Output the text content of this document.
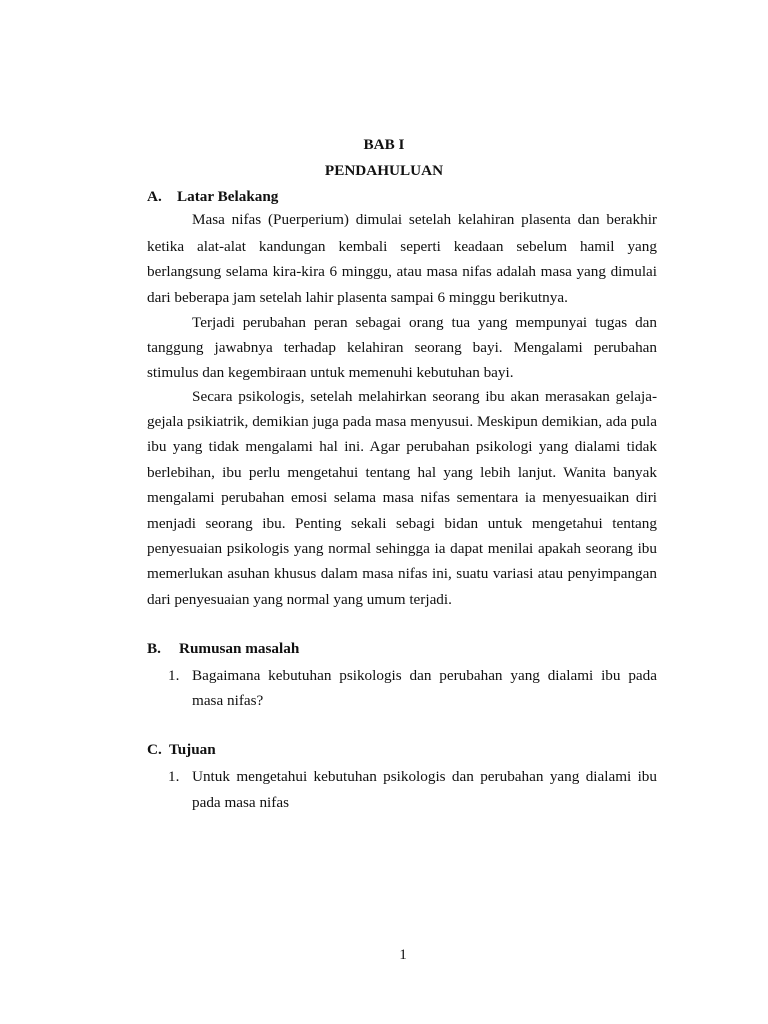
BAB I
PENDAHULUAN
A. Latar Belakang
Masa nifas (Puerperium) dimulai setelah kelahiran plasenta dan berakhir
ketika alat-alat kandungan kembali seperti keadaan sebelum hamil yang
berlangsung selama kira-kira 6 minggu, atau masa nifas adalah masa yang dimulai
dari beberapa jam setelah lahir plasenta sampai 6 minggu berikutnya.
Terjadi perubahan peran sebagai orang tua yang mempunyai tugas dan
tanggung jawabnya terhadap kelahiran seorang bayi. Mengalami perubahan
stimulus dan kegembiraan untuk memenuhi kebutuhan bayi.
Secara psikologis, setelah melahirkan seorang ibu akan merasakan gelaja-
gejala psikiatrik, demikian juga pada masa menyusui. Meskipun demikian, ada pula
ibu yang tidak mengalami hal ini. Agar perubahan psikologi yang dialami tidak
berlebihan, ibu perlu mengetahui tentang hal yang lebih lanjut. Wanita banyak
mengalami perubahan emosi selama masa nifas sementara ia menyesuaikan diri
menjadi seorang ibu. Penting sekali sebagi bidan untuk mengetahui tentang
penyesuaian psikologis yang normal sehingga ia dapat menilai apakah seorang ibu
memerlukan asuhan khusus dalam masa nifas ini, suatu variasi atau penyimpangan
dari penyesuaian yang normal yang umum terjadi.
B. Rumusan masalah
1. Bagaimana kebutuhan psikologis dan perubahan yang dialami ibu pada
masa nifas?
C. Tujuan
1. Untuk mengetahui kebutuhan psikologis dan perubahan yang dialami ibu
pada masa nifas
1
